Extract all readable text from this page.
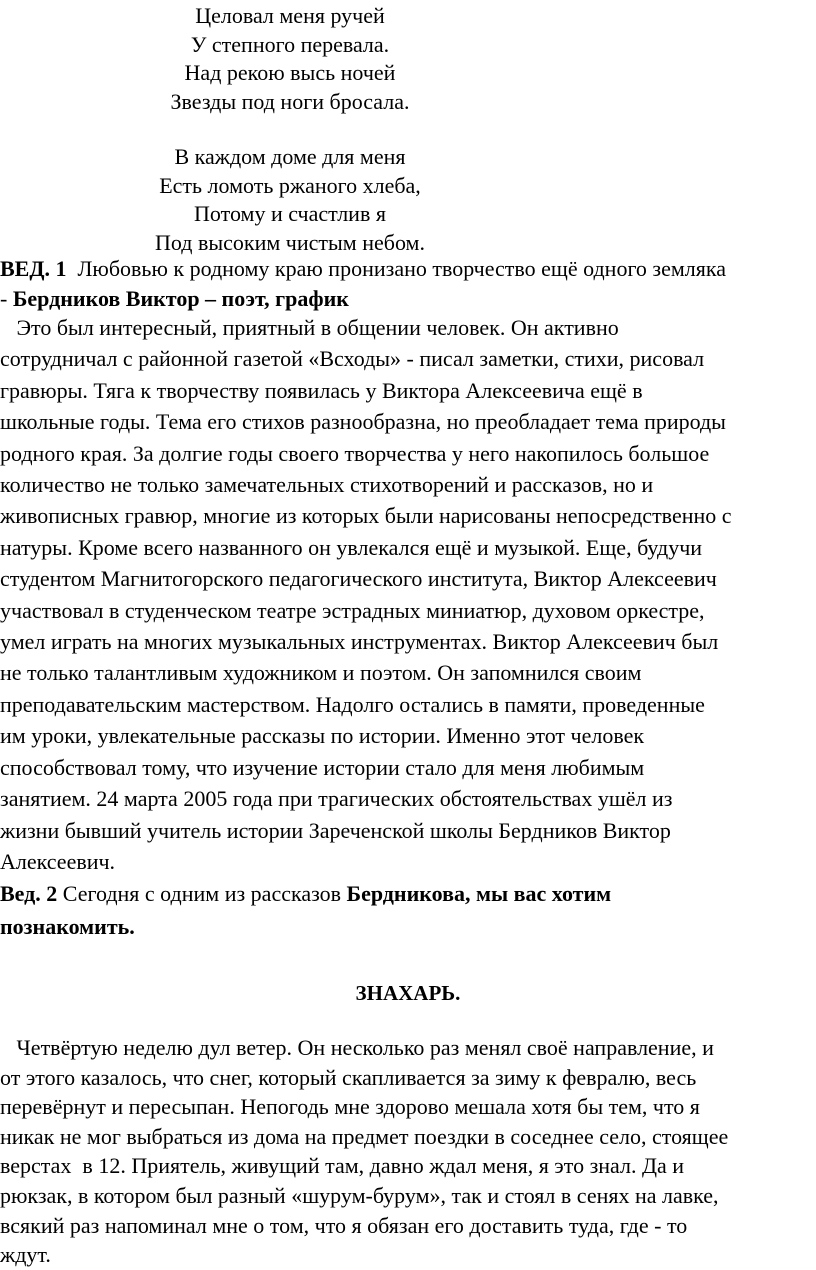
Целовал меня ручей

У степного перевала.

Над рекою высь ночей

Звезды под ноги бросала.

В каждом доме для меня

Есть ломоть ржаного хлеба,

Потому и счастлив я

Под высоким чистым небом.

ВЕД. 1 Любовью к родному краю пронизано творчество ещё одного земляка
- Бердников Виктор – поэт, график

Это был интересный, приятный в общении человек. Он активно

сотрудничал с районной газетой «Всходы» - писал заметки, стихи, рисовал

гравюры. Тяга к творчеству появилась у Виктора Алексеевича ещё в

школьные годы. Тема его стихов разнообразна, но преобладает тема природы

родного края. За долгие годы своего творчества у него накопилось большое

количество не только замечательных стихотворений и рассказов, но и

живописных гравюр, многие из которых были нарисованы непосредственно с

натуры. Кроме всего названного он увлекался ещё и музыкой. Еще, будучи

студентом Магнитогорского педагогического института, Виктор Алексеевич

участвовал в студенческом театре эстрадных миниатюр, духовом оркестре,

умел играть на многих музыкальных инструментах. Виктор Алексеевич был

не только талантливым художником и поэтом. Он запомнился своим

преподавательским мастерством. Надолго остались в памяти, проведенные

им уроки, увлекательные рассказы по истории. Именно этот человек

способствовал тому, что изучение истории стало для меня любимым

занятием. 24 марта 2005 года при трагических обстоятельствах ушёл из

жизни бывший учитель истории Зареченской школы Бердников Виктор

Алексеевич.

Вед. 2 Сегодня с одним из рассказов Бердникова, мы вас хотим
познакомить.
ЗНАХАРЬ.

Четвёртую неделю дул ветер. Он несколько раз менял своё направление, и

от этого казалось, что снег, который скапливается за зиму к февралю, весь

перевёрнут и пересыпан. Непогодь мне здорово мешала хотя бы тем, что я

никак не мог выбраться из дома на предмет поездки в соседнее село, стоящее

верстах  в 12. Приятель, живущий там, давно ждал меня, я это знал. Да и

рюкзак, в котором был разный «шурум-бурум», так и стоял в сенях на лавке,

всякий раз напоминал мне о том, что я обязан его доставить туда, где - то

ждут.
